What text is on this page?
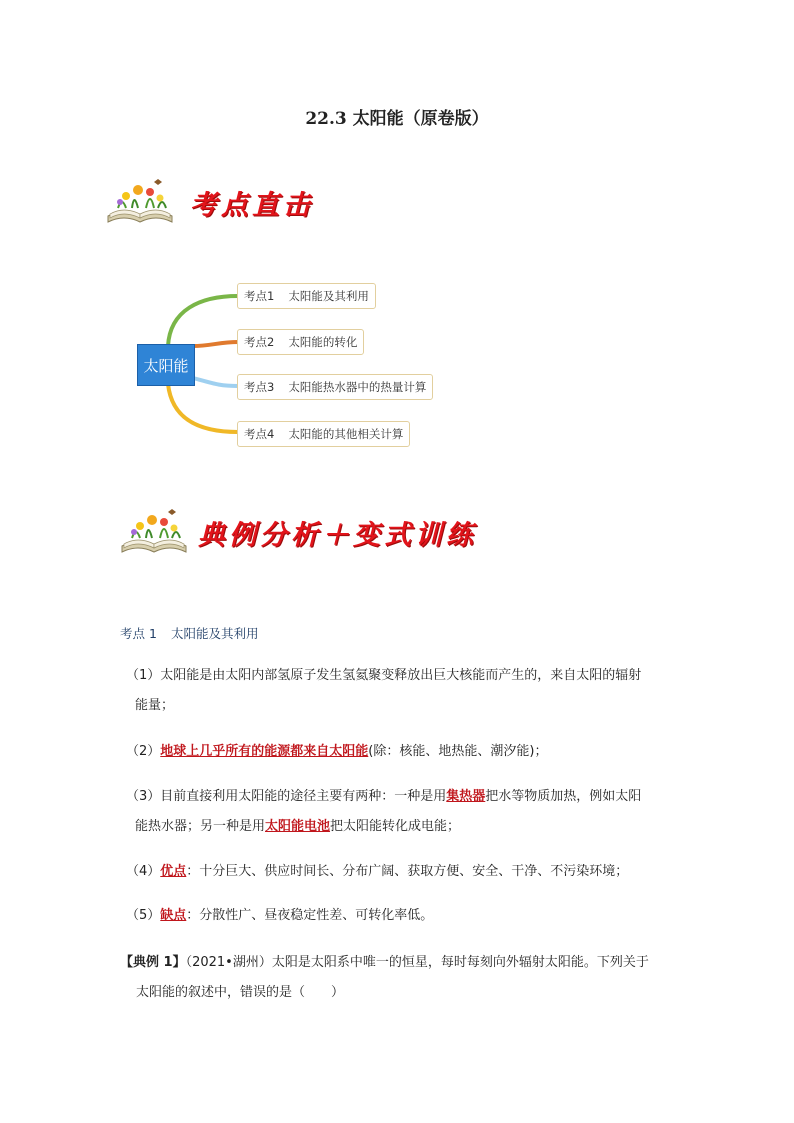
22.3 太阳能（原卷版）
考点直击
太阳能
考点1 太阳能及其利用
考点2 太阳能的转化
考点3 太阳能热水器中的热量计算
考点4 太阳能的其他相关计算
典例分析＋变式训练
考点 1 太阳能及其利用
（1）太阳能是由太阳内部氢原子发生氢氦聚变释放出巨大核能而产生的，来自太阳的辐射
能量；
（2）地球上几乎所有的能源都来自太阳能(除：核能、地热能、潮汐能)；
（3）目前直接利用太阳能的途径主要有两种：一种是用集热器把水等物质加热，例如太阳
能热水器；另一种是用太阳能电池把太阳能转化成电能；
（4）优点：十分巨大、供应时间长、分布广阔、获取方便、安全、干净、不污染环境；
（5）缺点：分散性广、昼夜稳定性差、可转化率低。
【典例 1】（2021•湖州）太阳是太阳系中唯一的恒星，每时每刻向外辐射太阳能。下列关于
太阳能的叙述中，错误的是（　　）
